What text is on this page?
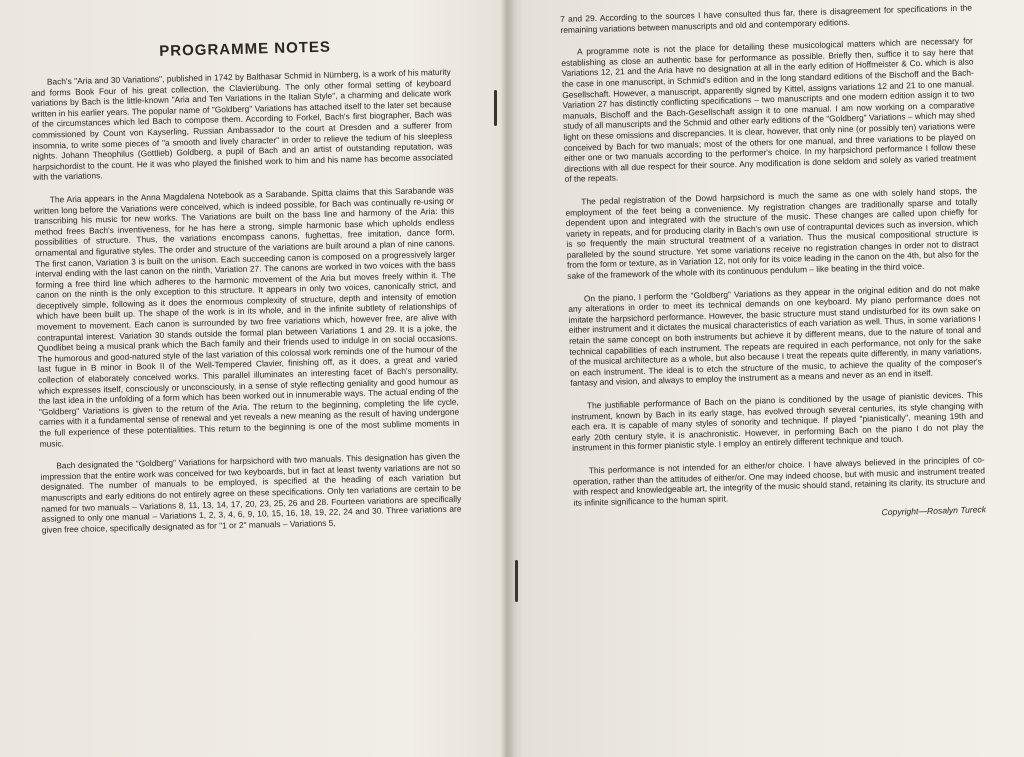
PROGRAMME NOTES

Bach's "Aria and 30 Variations", published in 1742 by Balthasar Schmid in Nürnberg, is a work of his maturity and forms Book Four of his great collection, the Clavierübung. The only other formal setting of keyboard variations by Bach is the little-known "Aria and Ten Variations in the Italian Style", a charming and delicate work written in his earlier years. The popular name of "Goldberg" Variations has attached itself to the later set because of the circumstances which led Bach to compose them. According to Forkel, Bach's first biographer, Bach was commissioned by Count von Kayserling, Russian Ambassador to the court at Dresden and a sufferer from insomnia, to write some pieces of "a smooth and lively character" in order to relieve the tedium of his sleepless nights. Johann Theophilus (Gottlieb) Goldberg, a pupil of Bach and an artist of outstanding reputation, was harpsichordist to the count. He it was who played the finished work to him and his name has become associated with the variations.

The Aria appears in the Anna Magdalena Notebook as a Sarabande. Spitta claims that this Sarabande was written long before the Variations were conceived, which is indeed possible, for Bach was continually re-using or transcribing his music for new works. The Variations are built on the bass line and harmony of the Aria: this method frees Bach's inventiveness, for he has here a strong, simple harmonic base which upholds endless possibilities of structure. Thus, the variations encompass canons, fughettas, free imitation, dance form, ornamental and figurative styles. The order and structure of the variations are built around a plan of nine canons. The first canon, Variation 3 is built on the unison. Each succeeding canon is composed on a progressively larger interval ending with the last canon on the ninth, Variation 27. The canons are worked in two voices with the bass forming a free third line which adheres to the harmonic movement of the Aria but moves freely within it. The canon on the ninth is the only exception to this structure. It appears in only two voices, canonically strict, and deceptively simple, following as it does the enormous complexity of structure, depth and intensity of emotion which have been built up. The shape of the work is in its whole, and in the infinite subtlety of relationships of movement to movement. Each canon is surrounded by two free variations which, however free, are alive with contrapuntal interest. Variation 30 stands outside the formal plan between Variations 1 and 29. It is a joke, the Quodlibet being a musical prank which the Bach family and their friends used to indulge in on social occasions. The humorous and good-natured style of the last variation of this colossal work reminds one of the humour of the last fugue in B minor in Book II of the Well-Tempered Clavier, finishing off, as it does, a great and varied collection of elaborately conceived works. This parallel illuminates an interesting facet of Bach's personality, which expresses itself, consciously or unconsciously, in a sense of style reflecting geniality and good humour as the last idea in the unfolding of a form which has been worked out in innumerable ways. The actual ending of the "Goldberg" Variations is given to the return of the Aria. The return to the beginning, completing the life cycle, carries with it a fundamental sense of renewal and yet reveals a new meaning as the result of having undergone the full experience of these potentialities. This return to the beginning is one of the most sublime moments in music.

Bach designated the "Goldberg" Variations for harpsichord with two manuals. This designation has given the impression that the entire work was conceived for two keyboards, but in fact at least twenty variations are not so designated. The number of manuals to be employed, is specified at the heading of each variation but manuscripts and early editions do not entirely agree on these specifications. Only ten variations are certain to be named for two manuals – Variations 8, 11, 13, 14, 17, 20, 23, 25, 26 and 28. Fourteen variations are specifically assigned to only one manual – Variations 1, 2, 3, 4, 6, 9, 10, 15, 16, 18, 19, 22, 24 and 30. Three variations are given free choice, specifically designated as for "1 or 2" manuals – Variations 5,

7 and 29. According to the sources I have consulted thus far, there is disagreement for specifications in the remaining variations between manuscripts and old and contemporary editions.

A programme note is not the place for detailing these musicological matters which are necessary for establishing as close an authentic base for performance as possible. Briefly then, suffice it to say here that Variations 12, 21 and the Aria have no designation at all in the early edition of Hoffmeister & Co. which is also the case in one manuscript, in Schmid's edition and in the long standard editions of the Bischoff and the Bach-Gesellschaft. However, a manuscript, apparently signed by Kittel, assigns variations 12 and 21 to one manual. Variation 27 has distinctly conflicting specifications – two manuscripts and one modern edition assign it to two manuals, Bischoff and the Bach-Gesellschaft assign it to one manual. I am now working on a comparative study of all manuscripts and the Schmid and other early editions of the "Goldberg" Variations – which may shed light on these omissions and discrepancies. It is clear, however, that only nine (or possibly ten) variations were conceived by Bach for two manuals; most of the others for one manual, and three variations to be played on either one or two manuals according to the performer's choice. In my harpsichord performance I follow these directions with all due respect for their source. Any modification is done seldom and solely as varied treatment of the repeats.

The pedal registration of the Dowd harpsichord is much the same as one with solely hand stops, the employment of the feet being a convenience. My registration changes are traditionally sparse and totally dependent upon and integrated with the structure of the music. These changes are called upon chiefly for variety in repeats, and for producing clarity in Bach's own use of contrapuntal devices such as inversion, which is so frequently the main structural treatment of a variation. Thus the musical compositional structure is paralleled by the sound structure. Yet some variations receive no registration changes in order not to distract from the form or texture, as in Variation 12, not only for its voice leading in the canon on the 4th, but also for the sake of the framework of the whole with its continuous pendulum – like beating in the third voice.

On the piano, I perform the "Goldberg" Variations as they appear in the original edition and do not make any alterations in order to meet its technical demands on one keyboard. My piano performance does not imitate the harpsichord performance. However, the basic structure must stand undisturbed for its own sake on either instrument and it dictates the musical characteristics of each variation as well. Thus, in some variations I retain the same concept on both instruments but achieve it by different means, due to the nature of tonal and technical capabilities of each instrument. The repeats are required in each performance, not only for the sake of the musical architecture as a whole, but also because I treat the repeats quite differently, in many variations, on each instrument. The ideal is to etch the structure of the music, to achieve the quality of the composer's fantasy and vision, and always to employ the instrument as a means and never as an end in itself.

The justifiable performance of Bach on the piano is conditioned by the usage of pianistic devices. This instrument, known by Bach in its early stage, has evolved through several centuries, its style changing with each era. It is capable of many styles of sonority and technique. If played "pianistically", meaning 19th and early 20th century style, it is anachronistic. However, in performing Bach on the piano I do not play the instrument in this former pianistic style. I employ an entirely different technique and touch.

This performance is not intended for an either/or choice. I have always believed in the principles of co-operation, rather than the attitudes of either/or. One may indeed choose, but with music and instrument treated with respect and knowledgeable art, the integrity of the music should stand, retaining its clarity, its structure and its infinite significance to the human spirit.

Copyright—Rosalyn Tureck
